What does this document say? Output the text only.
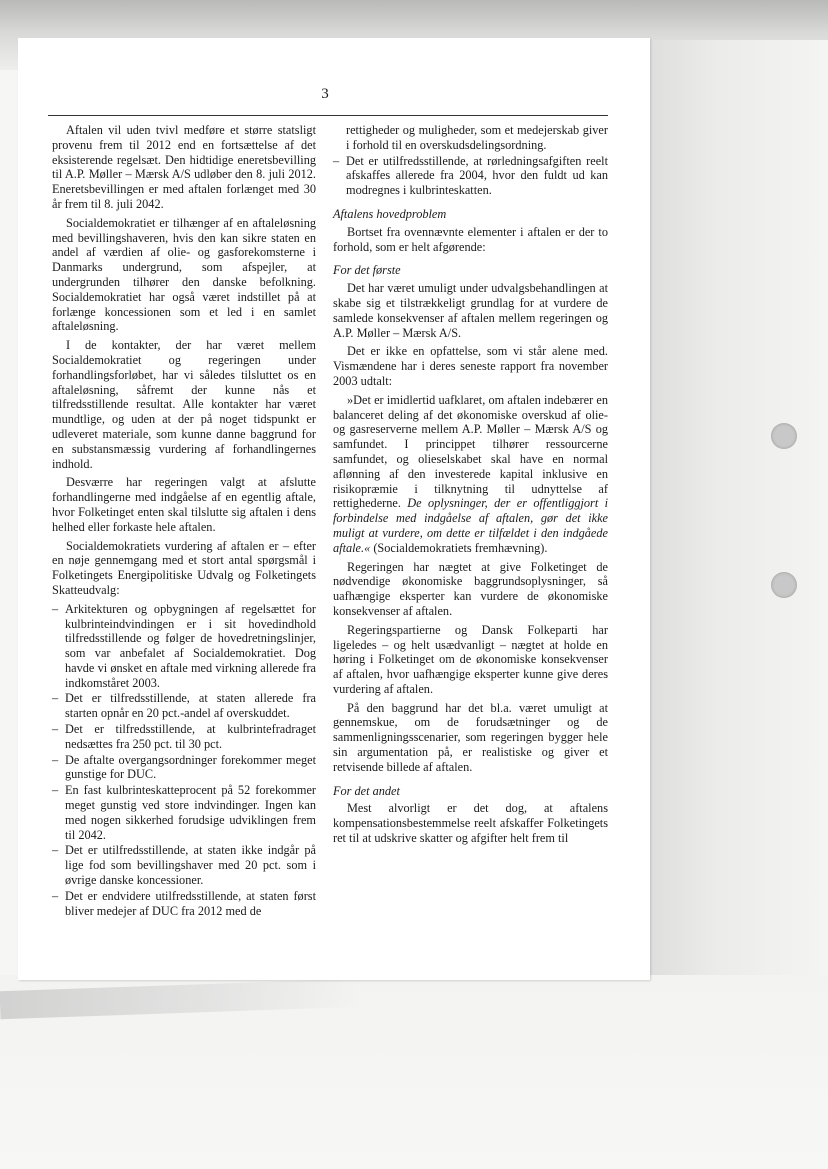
3

Aftalen vil uden tvivl medføre et større statsligt provenu frem til 2012 end en fortsættelse af det eksisterende regelsæt. Den hidtidige eneretsbevilling til A.P. Møller – Mærsk A/S udløber den 8. juli 2012. Eneretsbevillingen er med aftalen forlænget med 30 år frem til 8. juli 2042.

Socialdemokratiet er tilhænger af en aftaleløsning med bevillingshaveren, hvis den kan sikre staten en andel af værdien af olie- og gasforekomsterne i Danmarks undergrund, som afspejler, at undergrunden tilhører den danske befolkning. Socialdemokratiet har også været indstillet på at forlænge koncessionen som et led i en samlet aftaleløsning.

I de kontakter, der har været mellem Socialdemokratiet og regeringen under forhandlingsforløbet, har vi således tilsluttet os en aftaleløsning, såfremt der kunne nås et tilfredsstillende resultat. Alle kontakter har været mundtlige, og uden at der på noget tidspunkt er udleveret materiale, som kunne danne baggrund for en substansmæssig vurdering af forhandlingernes indhold.

Desværre har regeringen valgt at afslutte forhandlingerne med indgåelse af en egentlig aftale, hvor Folketinget enten skal tilslutte sig aftalen i dens helhed eller forkaste hele aftalen.

Socialdemokratiets vurdering af aftalen er – efter en nøje gennemgang med et stort antal spørgsmål i Folketingets Energipolitiske Udvalg og Folketingets Skatteudvalg:

– Arkitekturen og opbygningen af regelsættet for kulbrinteindvindingen er i sit hovedindhold tilfredsstillende og følger de hovedretningslinjer, som var anbefalet af Socialdemokratiet. Dog havde vi ønsket en aftale med virkning allerede fra indkomståret 2003.
– Det er tilfredsstillende, at staten allerede fra starten opnår en 20 pct.-andel af overskuddet.
– Det er tilfredsstillende, at kulbrintefradraget nedsættes fra 250 pct. til 30 pct.
– De aftalte overgangsordninger forekommer meget gunstige for DUC.
– En fast kulbrinteskatteprocent på 52 forekommer meget gunstig ved store indvindinger. Ingen kan med nogen sikkerhed forudsige udviklingen frem til 2042.
– Det er utilfredsstillende, at staten ikke indgår på lige fod som bevillingshaver med 20 pct. som i øvrige danske koncessioner.
– Det er endvidere utilfredsstillende, at staten først bliver medejer af DUC fra 2012 med de
rettigheder og muligheder, som et medejerskab giver i forhold til en overskudsdelingsordning.
– Det er utilfredsstillende, at rørledningsafgiften reelt afskaffes allerede fra 2004, hvor den fuldt ud kan modregnes i kulbrinteskatten.

Aftalens hovedproblem

Bortset fra ovennævnte elementer i aftalen er der to forhold, som er helt afgørende:

For det første

Det har været umuligt under udvalgsbehandlingen at skabe sig et tilstrækkeligt grundlag for at vurdere de samlede konsekvenser af aftalen mellem regeringen og A.P. Møller – Mærsk A/S.

Det er ikke en opfattelse, som vi står alene med. Vismændene har i deres seneste rapport fra november 2003 udtalt:

»Det er imidlertid uafklaret, om aftalen indebærer en balanceret deling af det økonomiske overskud af olie- og gasreserverne mellem A.P. Møller – Mærsk A/S og samfundet. I princippet tilhører ressourcerne samfundet, og olieselskabet skal have en normal aflønning af den investerede kapital inklusive en risikopræmie i tilknytning til udnyttelse af rettighederne. De oplysninger, der er offentliggjort i forbindelse med indgåelse af aftalen, gør det ikke muligt at vurdere, om dette er tilfældet i den indgåede aftale.« (Socialdemokratiets fremhævning).

Regeringen har nægtet at give Folketinget de nødvendige økonomiske baggrundsoplysninger, så uafhængige eksperter kan vurdere de økonomiske konsekvenser af aftalen.

Regeringspartierne og Dansk Folkeparti har ligeledes – og helt usædvanligt – nægtet at holde en høring i Folketinget om de økonomiske konsekvenser af aftalen, hvor uafhængige eksperter kunne give deres vurdering af aftalen.

På den baggrund har det bl.a. været umuligt at gennemskue, om de forudsætninger og de sammenligningsscenarier, som regeringen bygger hele sin argumentation på, er realistiske og giver et retvisende billede af aftalen.

For det andet

Mest alvorligt er det dog, at aftalens kompensationsbestemmelse reelt afskaffer Folketingets ret til at udskrive skatter og afgifter helt frem til
